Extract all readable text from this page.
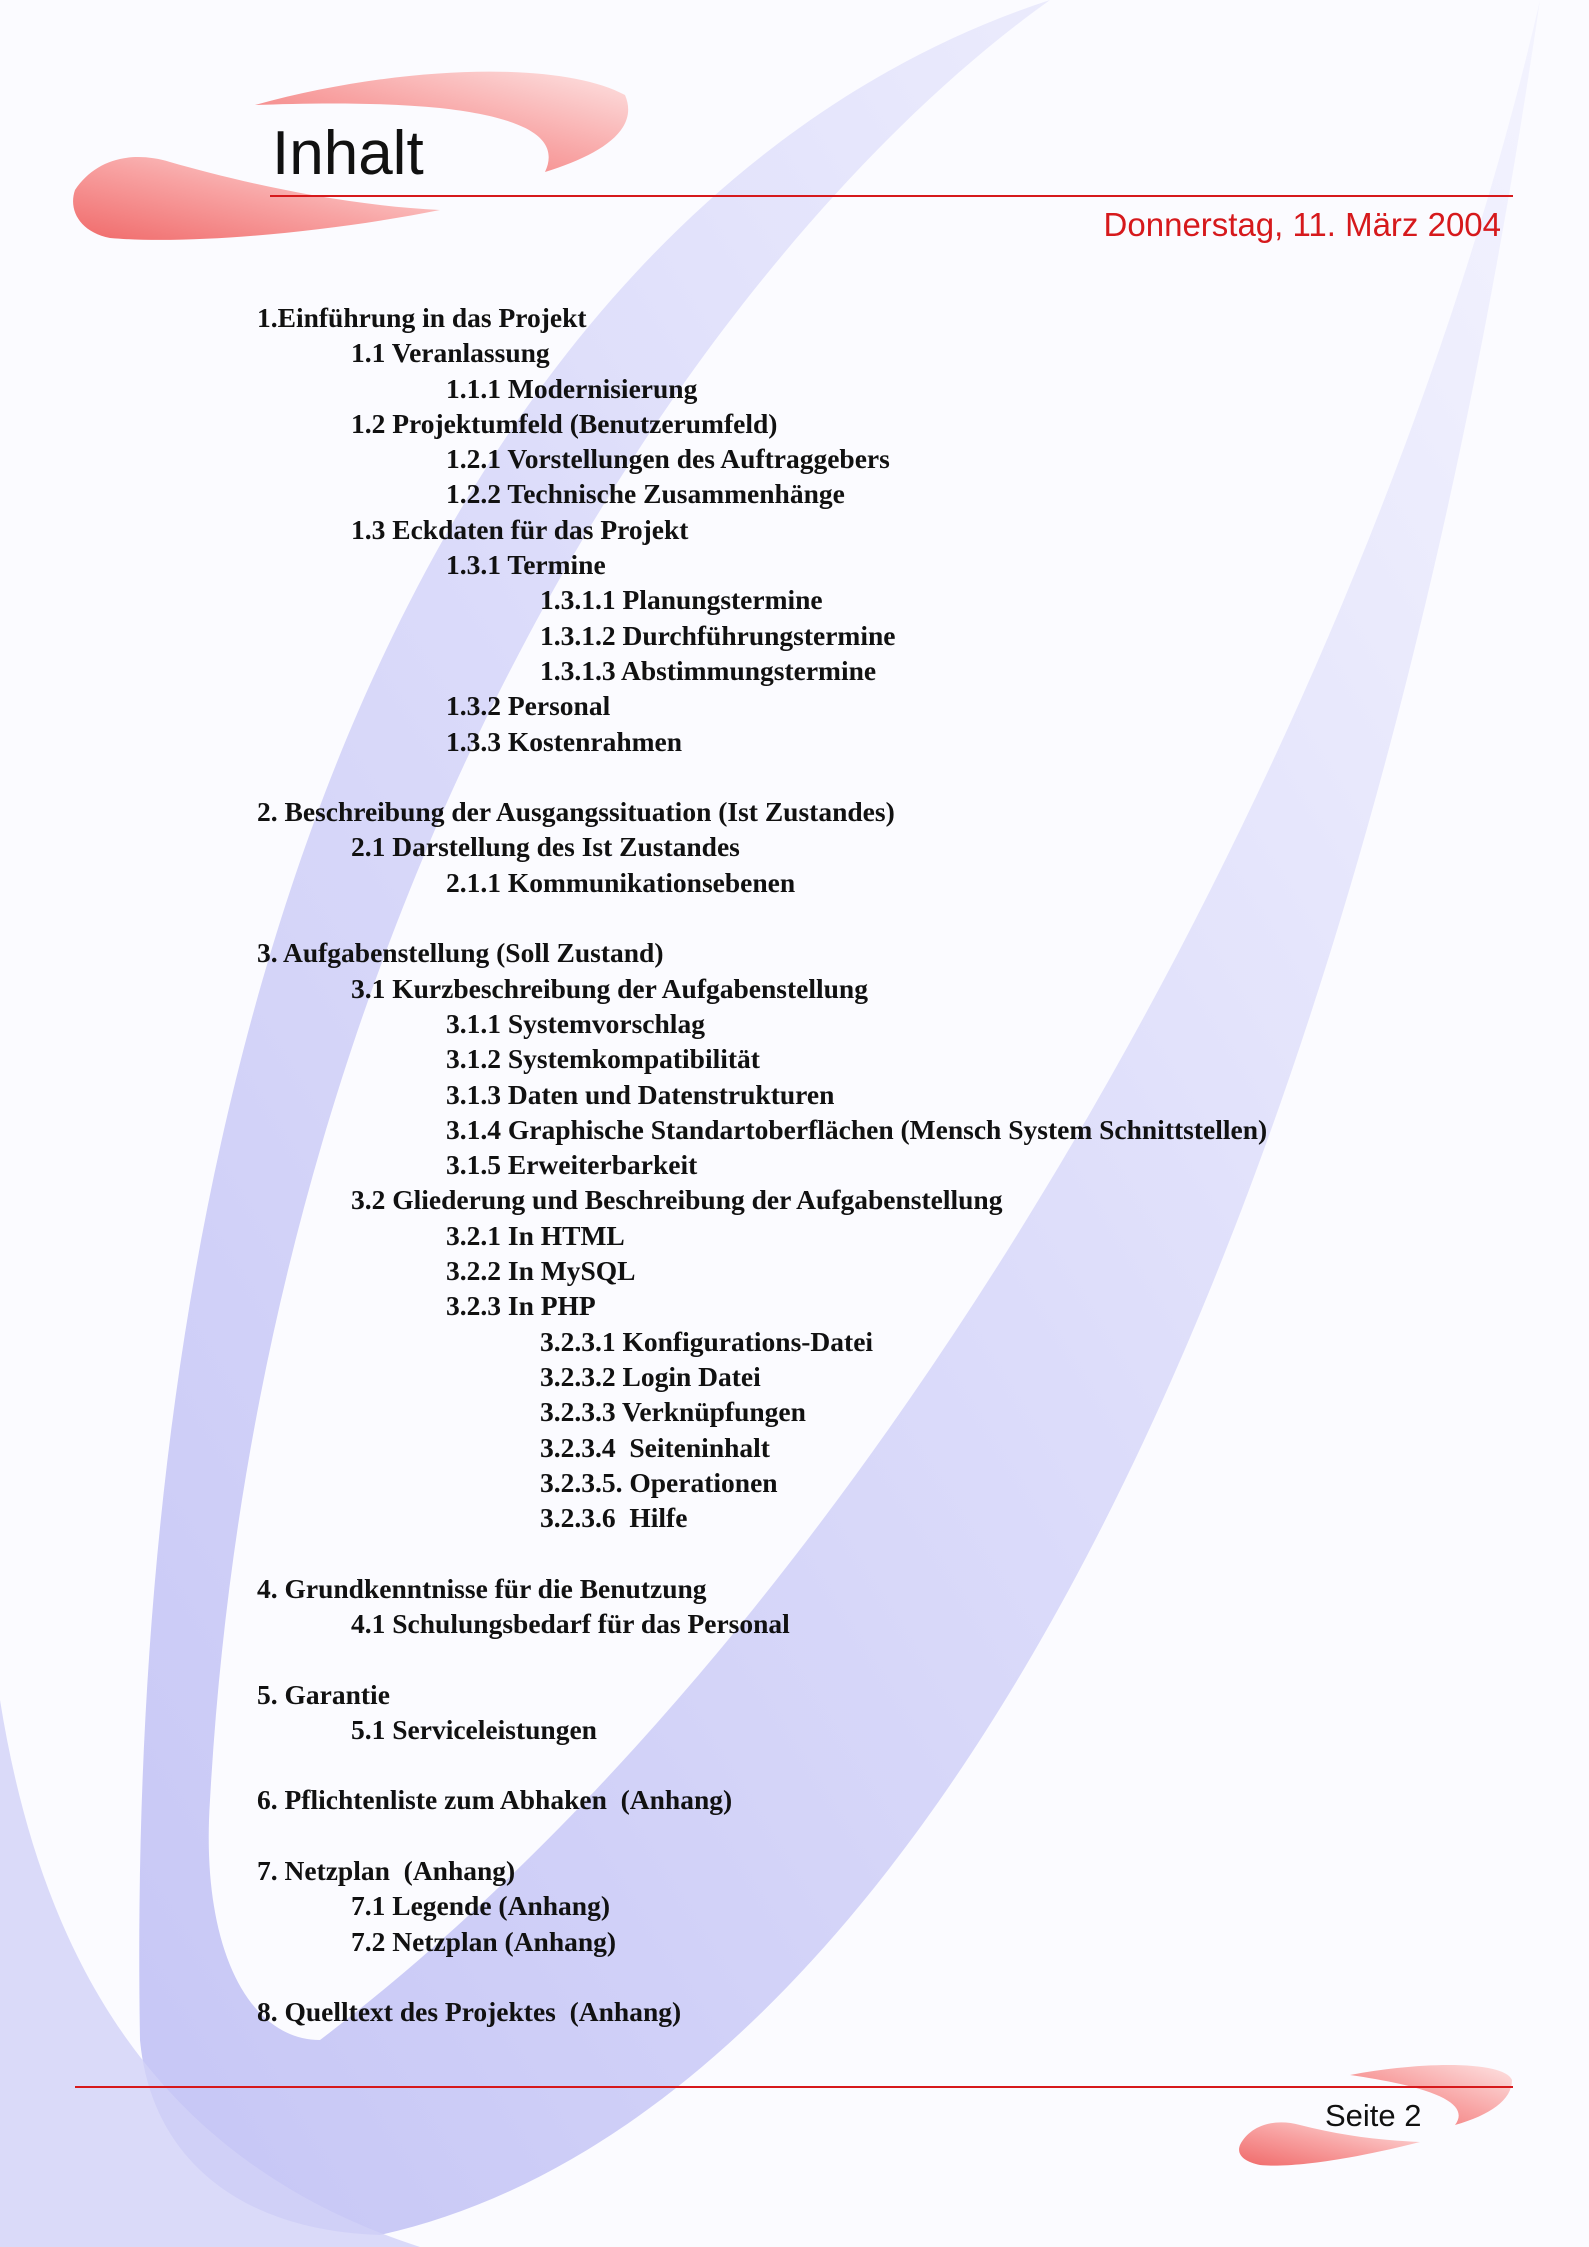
Inhalt
Donnerstag, 11. März 2004
1.Einführung in das Projekt
1.1 Veranlassung
1.1.1 Modernisierung
1.2 Projektumfeld (Benutzerumfeld)
1.2.1 Vorstellungen des Auftraggebers
1.2.2 Technische Zusammenhänge
1.3 Eckdaten für das Projekt
1.3.1 Termine
1.3.1.1 Planungstermine
1.3.1.2 Durchführungstermine
1.3.1.3 Abstimmungstermine
1.3.2 Personal
1.3.3 Kostenrahmen
2. Beschreibung der Ausgangssituation (Ist Zustandes)
2.1 Darstellung des Ist Zustandes
2.1.1 Kommunikationsebenen
3. Aufgabenstellung (Soll Zustand)
3.1 Kurzbeschreibung der Aufgabenstellung
3.1.1 Systemvorschlag
3.1.2 Systemkompatibilität
3.1.3 Daten und Datenstrukturen
3.1.4 Graphische Standartoberflächen (Mensch System Schnittstellen)
3.1.5 Erweiterbarkeit
3.2 Gliederung und Beschreibung der Aufgabenstellung
3.2.1 In HTML
3.2.2 In MySQL
3.2.3 In PHP
3.2.3.1 Konfigurations-Datei
3.2.3.2 Login Datei
3.2.3.3 Verknüpfungen
3.2.3.4  Seiteninhalt
3.2.3.5. Operationen
3.2.3.6  Hilfe
4. Grundkenntnisse für die Benutzung
4.1 Schulungsbedarf für das Personal
5. Garantie
5.1 Serviceleistungen
6. Pflichtenliste zum Abhaken  (Anhang)
7. Netzplan  (Anhang)
7.1 Legende (Anhang)
7.2 Netzplan (Anhang)
8. Quelltext des Projektes  (Anhang)
Seite 2
